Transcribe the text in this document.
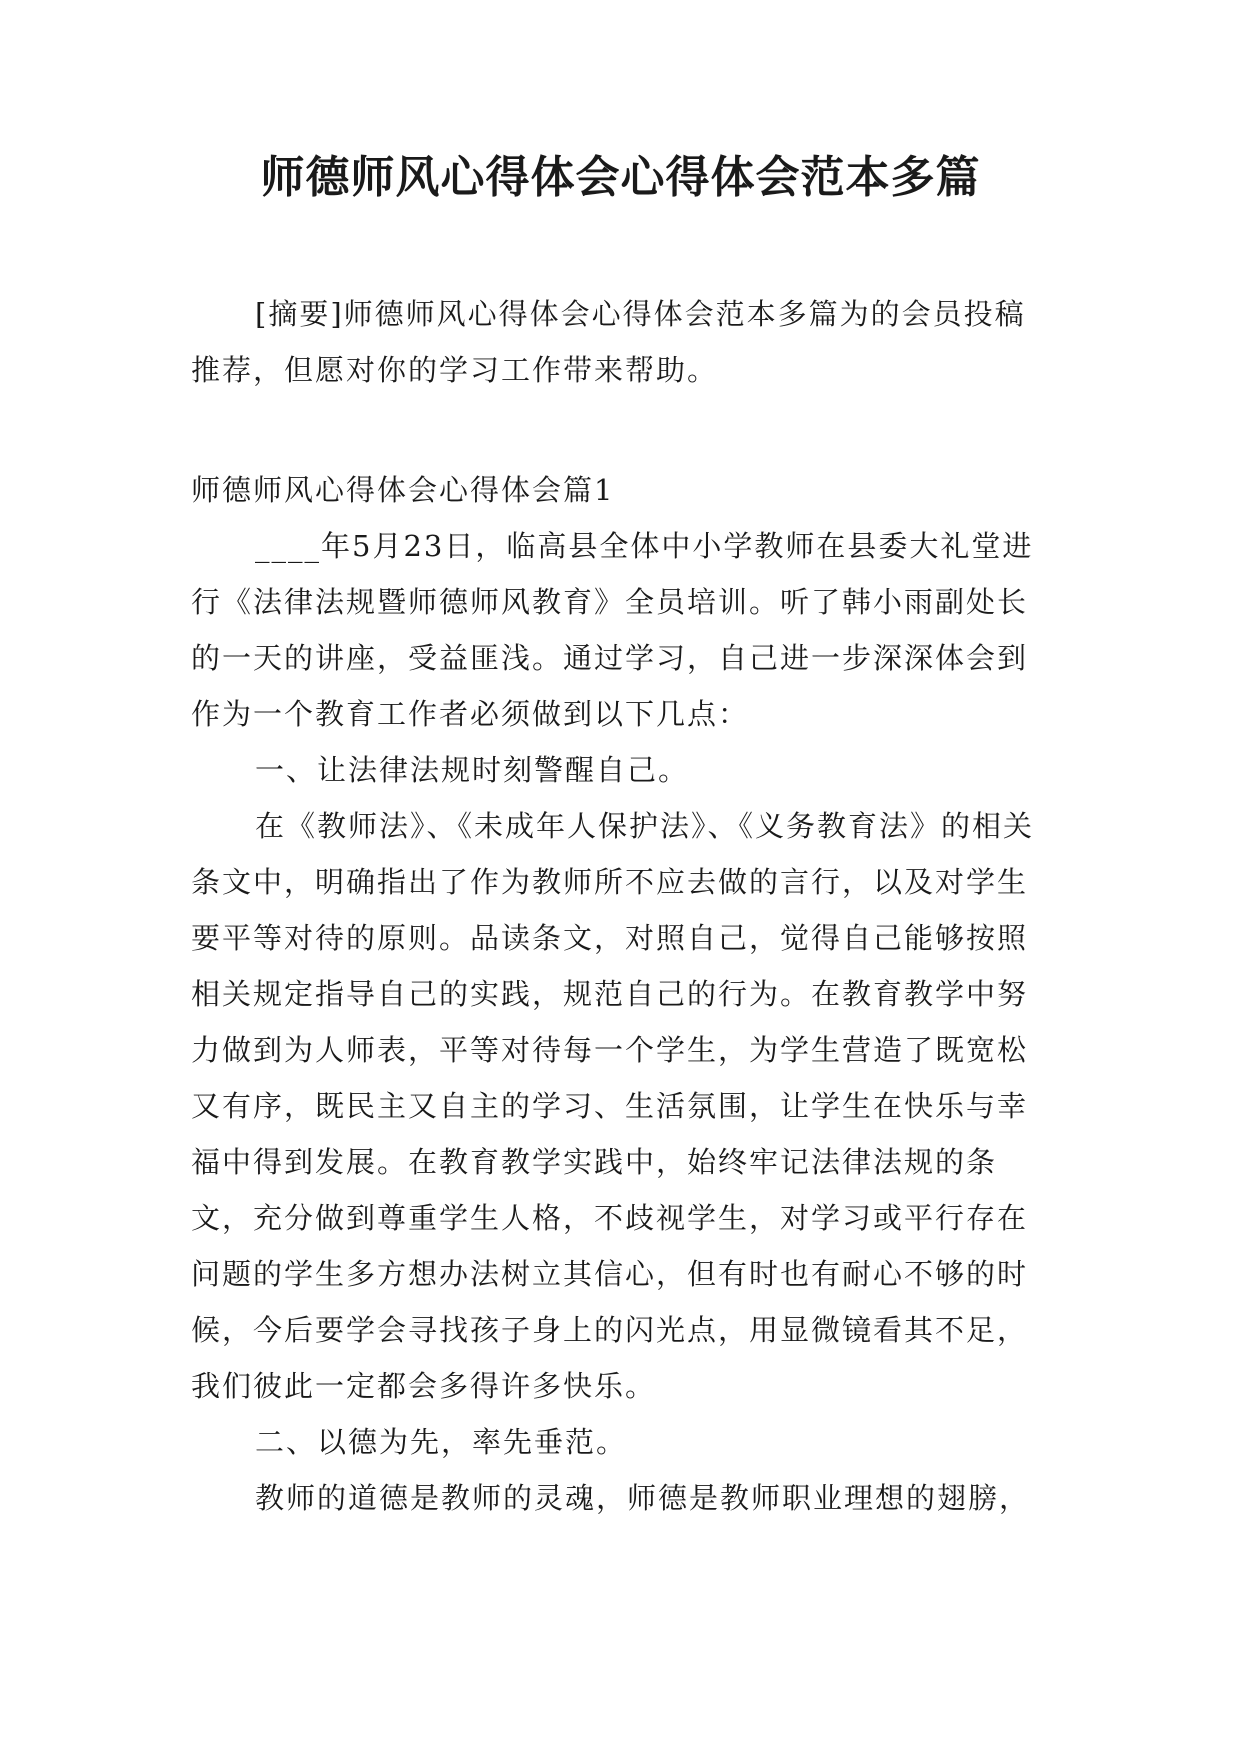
师德师风心得体会心得体会范本多篇

[摘要]师德师风心得体会心得体会范本多篇为的会员投稿推荐，但愿对你的学习工作带来帮助。

师德师风心得体会心得体会篇1

____年5月23日，临高县全体中小学教师在县委大礼堂进行《法律法规暨师德师风教育》全员培训。听了韩小雨副处长的一天的讲座，受益匪浅。通过学习，自己进一步深深体会到作为一个教育工作者必须做到以下几点：

一、让法律法规时刻警醒自己。

在《教师法》、《未成年人保护法》、《义务教育法》的相关条文中，明确指出了作为教师所不应去做的言行，以及对学生要平等对待的原则。品读条文，对照自己，觉得自己能够按照相关规定指导自己的实践，规范自己的行为。在教育教学中努力做到为人师表，平等对待每一个学生，为学生营造了既宽松又有序，既民主又自主的学习、生活氛围，让学生在快乐与幸福中得到发展。在教育教学实践中，始终牢记法律法规的条文，充分做到尊重学生人格，不歧视学生，对学习或平行存在问题的学生多方想办法树立其信心，但有时也有耐心不够的时候，今后要学会寻找孩子身上的闪光点，用显微镜看其不足，我们彼此一定都会多得许多快乐。

二、以德为先，率先垂范。

教师的道德是教师的灵魂，师德是教师职业理想的翅膀，
